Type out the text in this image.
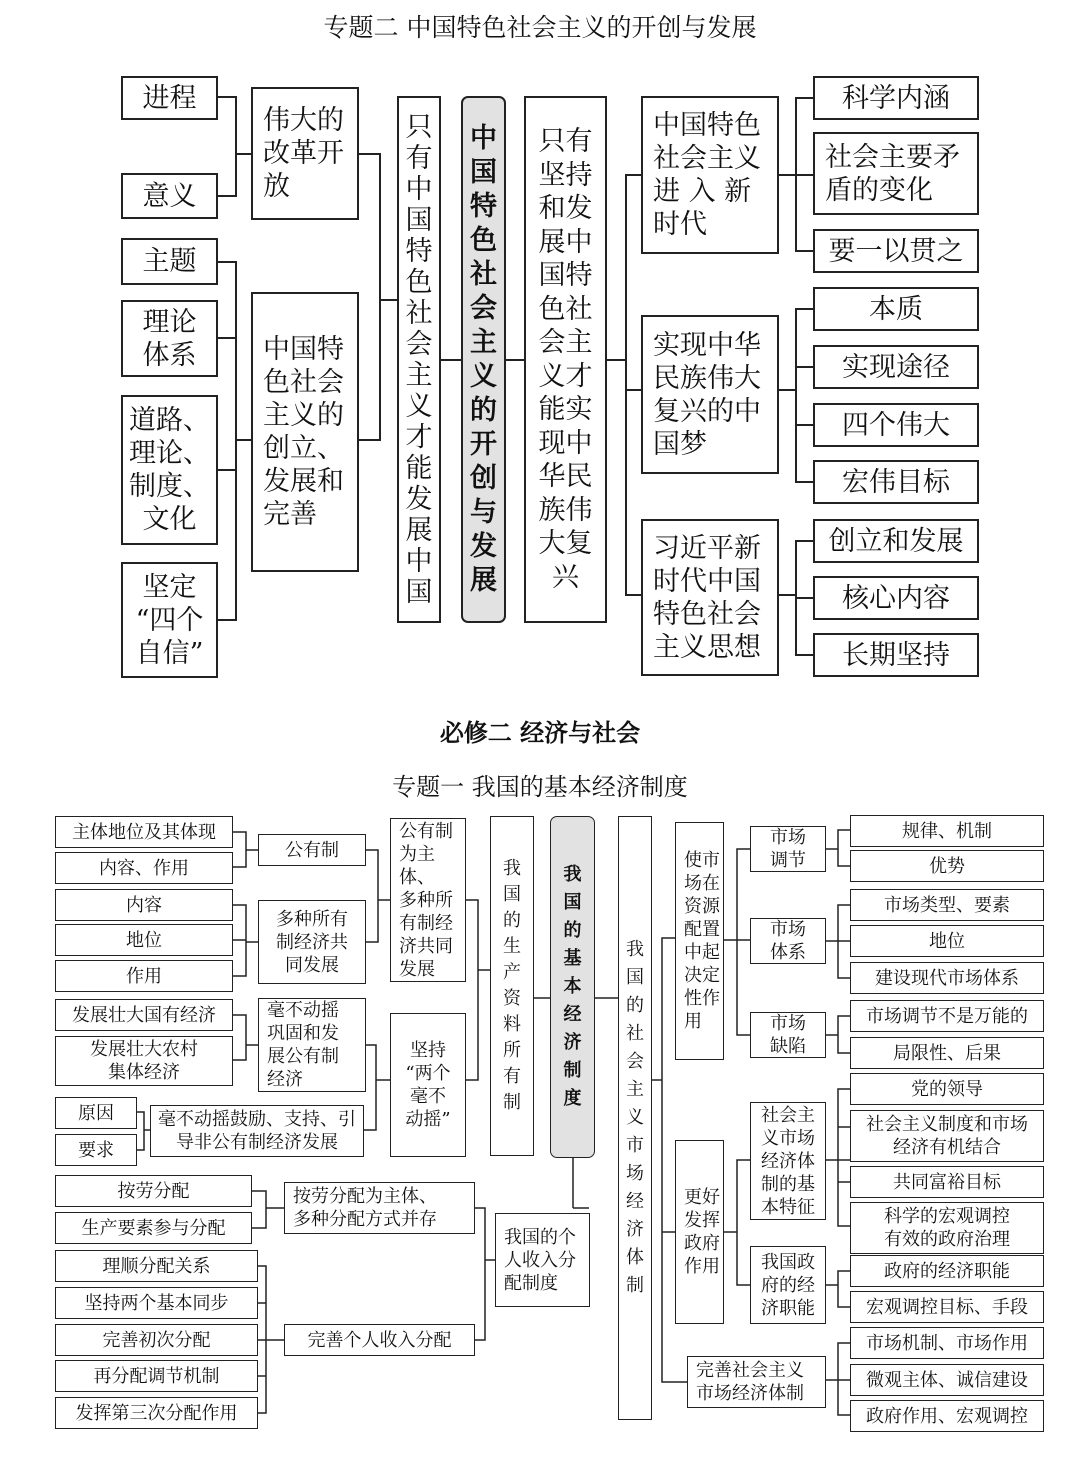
专题二 中国特色社会主义的开创与发展
进程
意义
伟大的
改革开
放
主题
理论
体系
道路、
理论、
制度、
文化
坚定
“四个
自信”
中国特
色社会
主义的
创立、
发展和
完善
只
有
中
国
特
色
社
会
主
义
才
能
发
展
中
国
中
国
特
色
社
会
主
义
的
开
创
与
发
展
只有
坚持
和发
展中
国特
色社
会主
义才
能实
现中
华民
族伟
大复
兴
中国特色
社会主义
进 入 新
时代
科学内涵
社会主要矛
盾的变化
要一以贯之
实现中华
民族伟大
复兴的中
国梦
本质
实现途径
四个伟大
宏伟目标
习近平新
时代中国
特色社会
主义思想
创立和发展
核心内容
长期坚持
必修二 经济与社会
专题一 我国的基本经济制度
主体地位及其体现
内容、作用
公有制
内容
地位
作用
多种所有
制经济共
同发展
公有制
为主体、
多种所
有制经
济共同
发展
发展壮大国有经济
发展壮大农村
集体经济
毫不动摇
巩固和发
展公有制
经济
原因
要求
毫不动摇鼓励、支持、引
导非公有制经济发展
坚持
“两个
毫不
动摇”
我
国
的
生
产
资
料
所
有
制
我
国
的
基
本
经
济
制
度
我
国
的
社
会
主
义
市
场
经
济
体
制
按劳分配
生产要素参与分配
按劳分配为主体、
多种分配方式并存
理顺分配关系
坚持两个基本同步
完善初次分配
再分配调节机制
发挥第三次分配作用
完善个人收入分配
我国的个
人收入分
配制度
使市
场在
资源
配置
中起
决定
性作
用
市场
调节
规律、机制
优势
市场
体系
市场类型、要素
地位
建设现代市场体系
市场
缺陷
市场调节不是万能的
局限性、后果
更好
发挥
政府
作用
社会主
义市场
经济体
制的基
本特征
党的领导
社会主义制度和市场
经济有机结合
共同富裕目标
科学的宏观调控
有效的政府治理
我国政
府的经
济职能
政府的经济职能
宏观调控目标、手段
完善社会主义
市场经济体制
市场机制、市场作用
微观主体、诚信建设
政府作用、宏观调控
